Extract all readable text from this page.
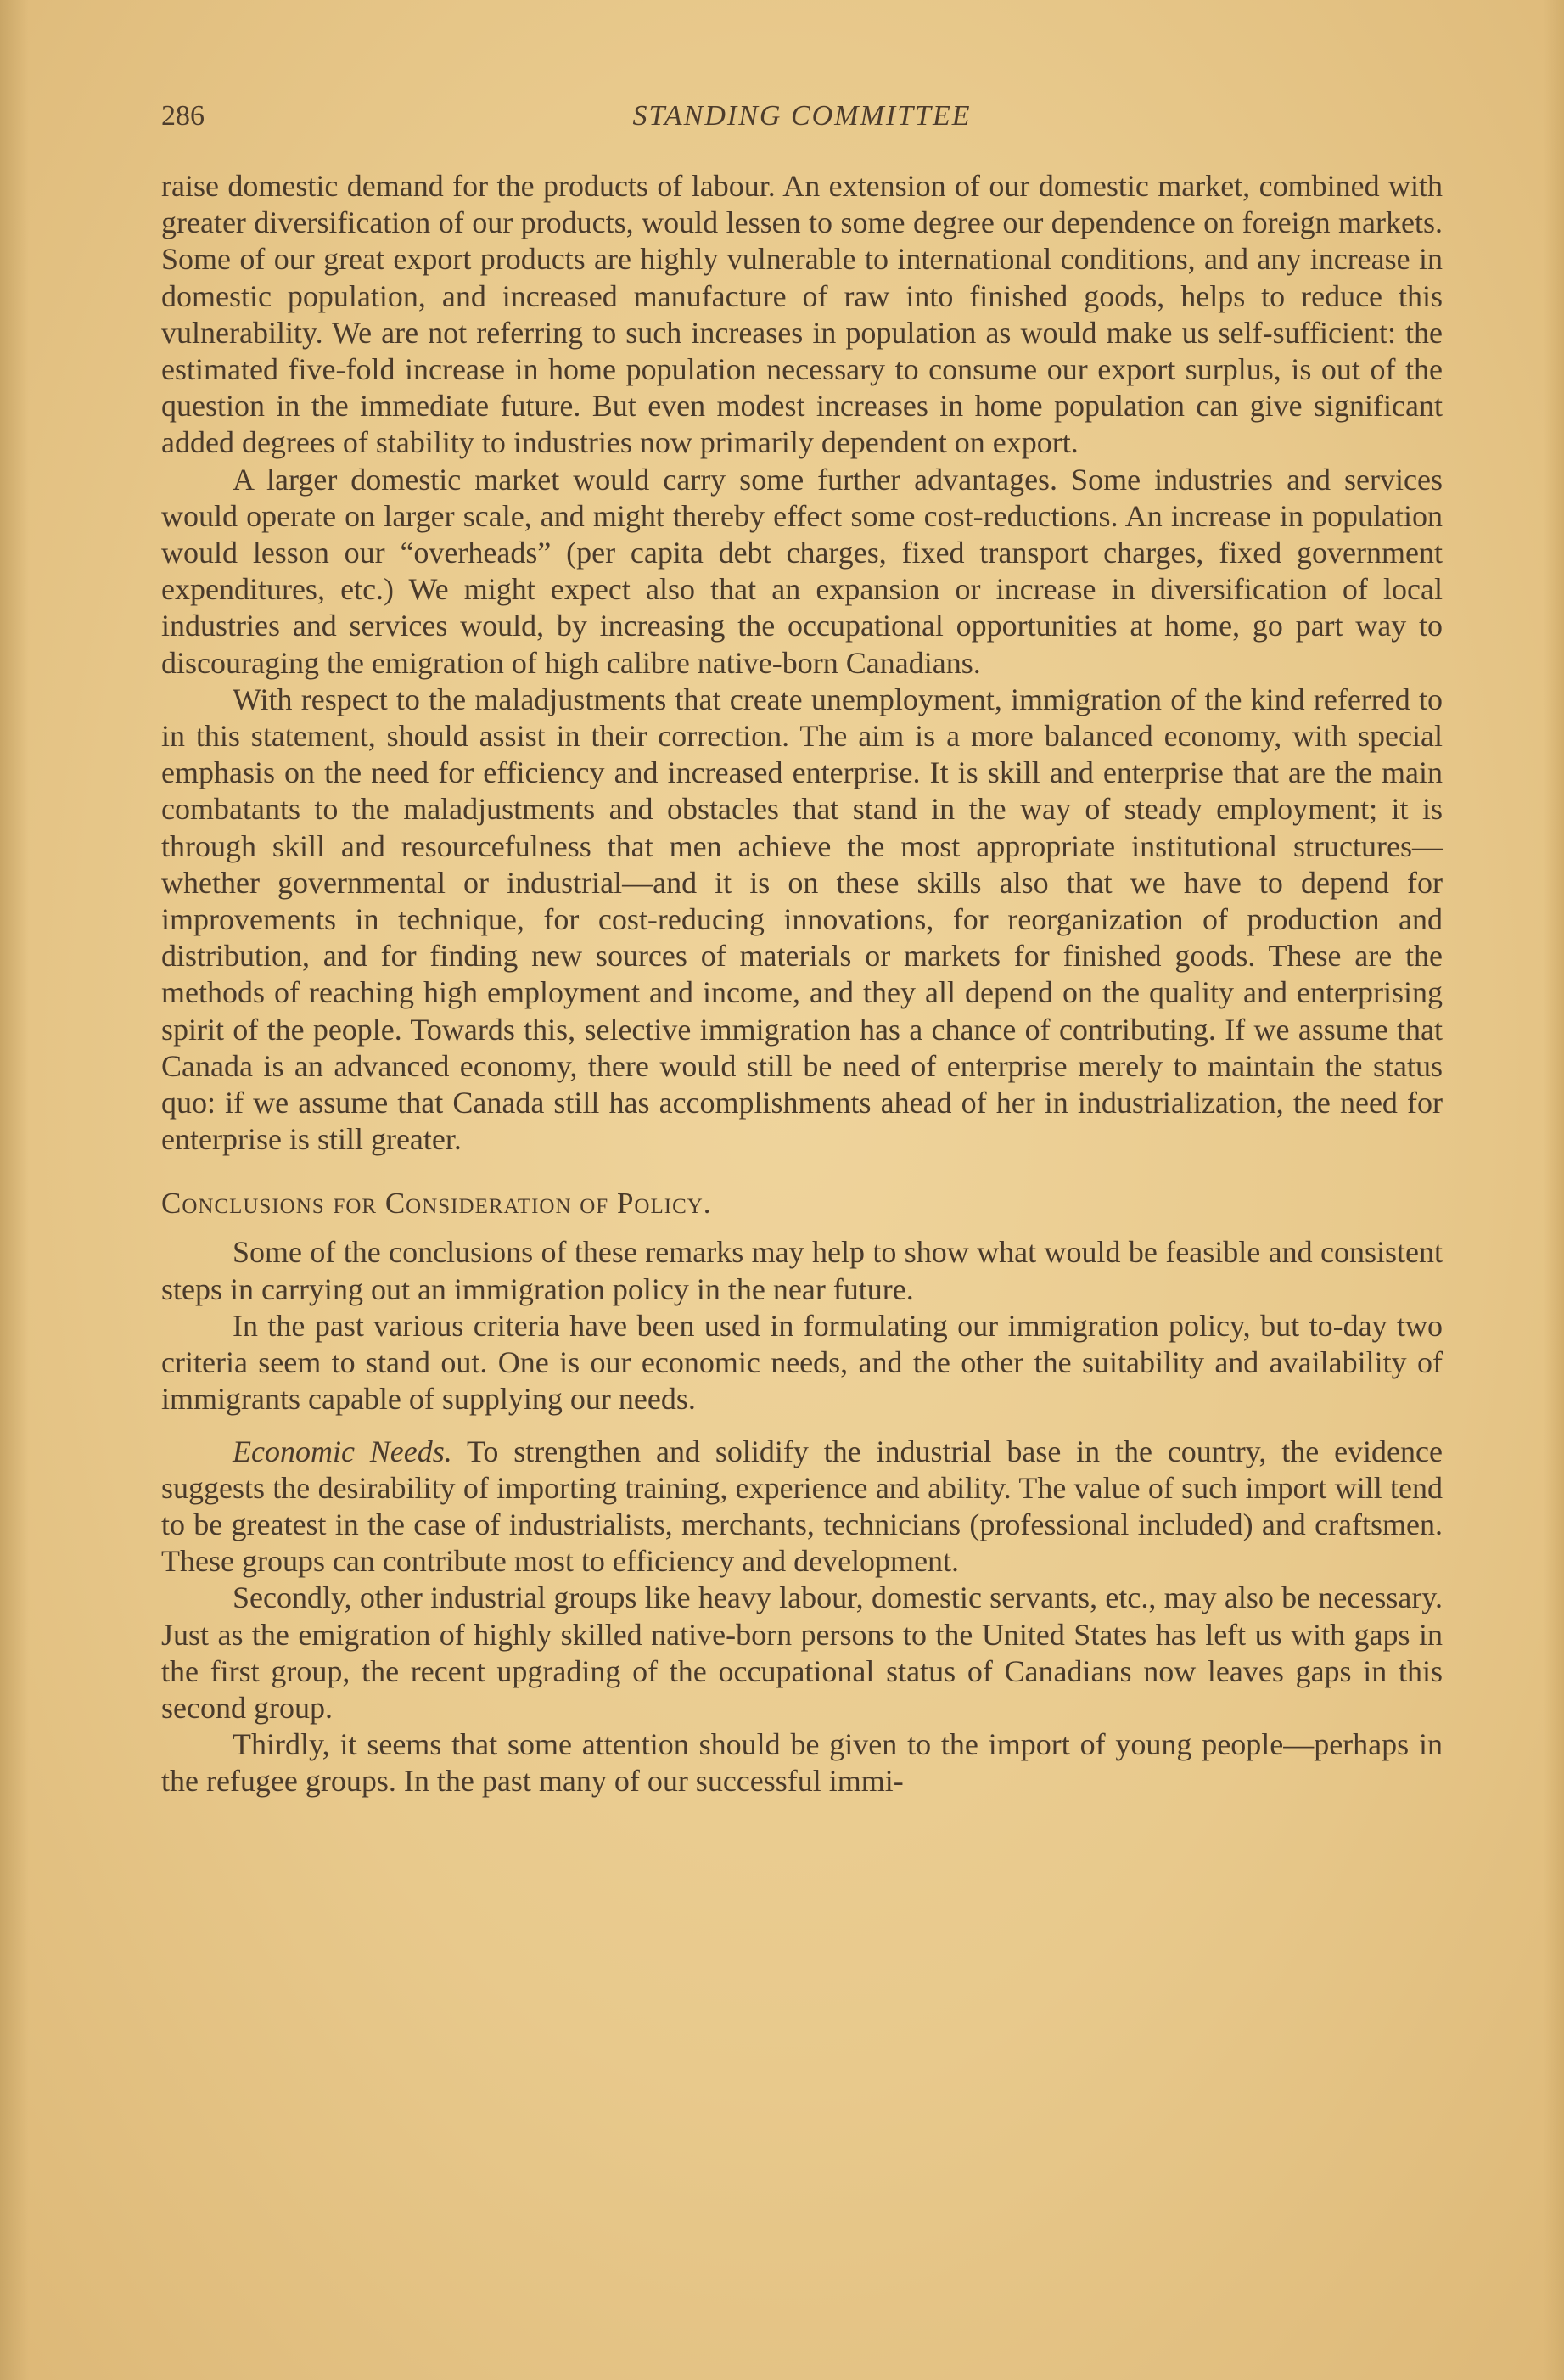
286	STANDING COMMITTEE

raise domestic demand for the products of labour. An extension of our domestic market, combined with greater diversification of our products, would lessen to some degree our dependence on foreign markets. Some of our great export products are highly vulnerable to international conditions, and any increase in domestic population, and increased manufacture of raw into finished goods, helps to reduce this vulnerability. We are not referring to such increases in population as would make us self-sufficient: the estimated five-fold increase in home population necessary to consume our export surplus, is out of the question in the immediate future. But even modest increases in home population can give significant added degrees of stability to industries now primarily dependent on export.

A larger domestic market would carry some further advantages. Some industries and services would operate on larger scale, and might thereby effect some cost-reductions. An increase in population would lesson our “overheads” (per capita debt charges, fixed transport charges, fixed government expenditures, etc.) We might expect also that an expansion or increase in diversification of local industries and services would, by increasing the occupational opportunities at home, go part way to discouraging the emigration of high calibre native-born Canadians.

With respect to the maladjustments that create unemployment, immigration of the kind referred to in this statement, should assist in their correction. The aim is a more balanced economy, with special emphasis on the need for efficiency and increased enterprise. It is skill and enterprise that are the main combatants to the maladjustments and obstacles that stand in the way of steady employment; it is through skill and resourcefulness that men achieve the most appropriate institutional structures—whether governmental or industrial—and it is on these skills also that we have to depend for improvements in technique, for cost-reducing innovations, for reorganization of production and distribution, and for finding new sources of materials or markets for finished goods. These are the methods of reaching high employment and income, and they all depend on the quality and enterprising spirit of the people. Towards this, selective immigration has a chance of contributing. If we assume that Canada is an advanced economy, there would still be need of enterprise merely to maintain the status quo: if we assume that Canada still has accomplishments ahead of her in industrialization, the need for enterprise is still greater.

Conclusions for Consideration of Policy.

Some of the conclusions of these remarks may help to show what would be feasible and consistent steps in carrying out an immigration policy in the near future.

In the past various criteria have been used in formulating our immigration policy, but to-day two criteria seem to stand out. One is our economic needs, and the other the suitability and availability of immigrants capable of supplying our needs.

Economic Needs. To strengthen and solidify the industrial base in the country, the evidence suggests the desirability of importing training, experience and ability. The value of such import will tend to be greatest in the case of industrialists, merchants, technicians (professional included) and craftsmen. These groups can contribute most to efficiency and development.

Secondly, other industrial groups like heavy labour, domestic servants, etc., may also be necessary. Just as the emigration of highly skilled native-born persons to the United States has left us with gaps in the first group, the recent upgrading of the occupational status of Canadians now leaves gaps in this second group.

Thirdly, it seems that some attention should be given to the import of young people—perhaps in the refugee groups. In the past many of our successful immi-
